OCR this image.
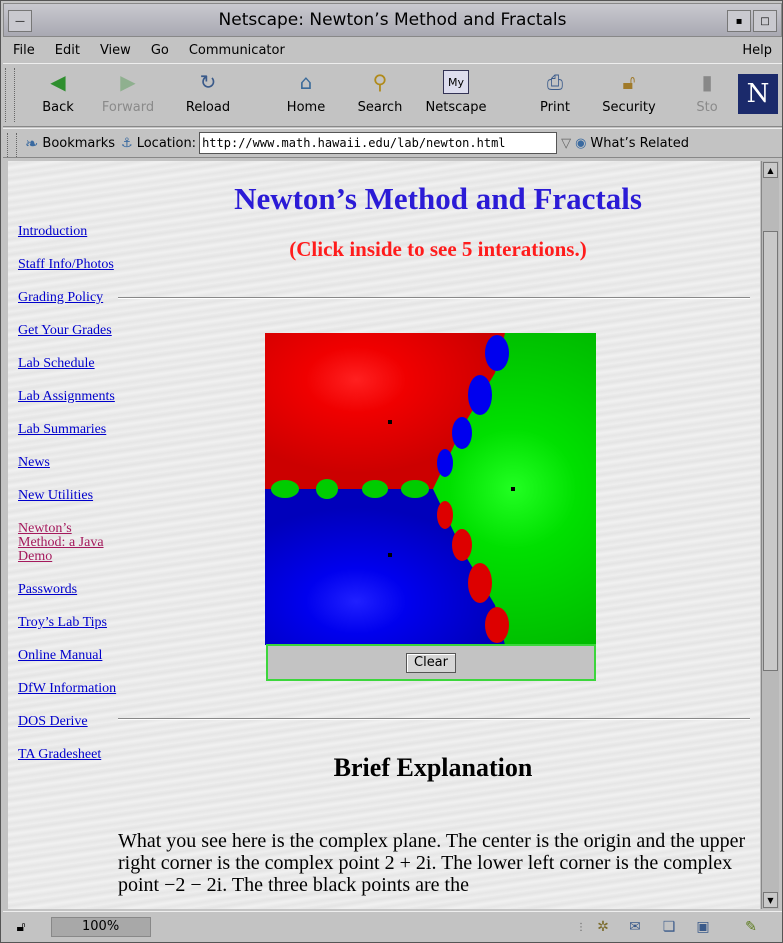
—	Netscape: Newton’s Method and Fractals	▪	□
File	Edit	View	Go	Communicator	Help
◀
Back
▶
Forward
↻
Reload
⌂
Home
⚲
Search
My
Netscape
⎙
Print
🔓︎
Security
▮
Sto	N
❧ Bookmarks ⚓︎ Location: http://www.math.hawaii.edu/lab/newton.html	▽ ◉ What’s Related
Introduction
Staff Info/Photos
Grading Policy
Get Your Grades
Lab Schedule
Lab Assignments
Lab Summaries
News
New Utilities
Newton’s Method: a Java Demo
Passwords
Troy’s Lab Tips
Online Manual
DfW Information
DOS Derive
TA Gradesheet
Newton’s Method and Fractals
(Click inside to see 5 interations.)
Clear
Brief Explanation
What you see here is the complex plane. The center is the origin and the upper right corner is the complex point 2 + 2i. The lower left corner is the complex point −2 − 2i. The three black points are the
▲
▼
🔓︎	100%	⋮ ✲ ✉ ❏ ▣	✎
